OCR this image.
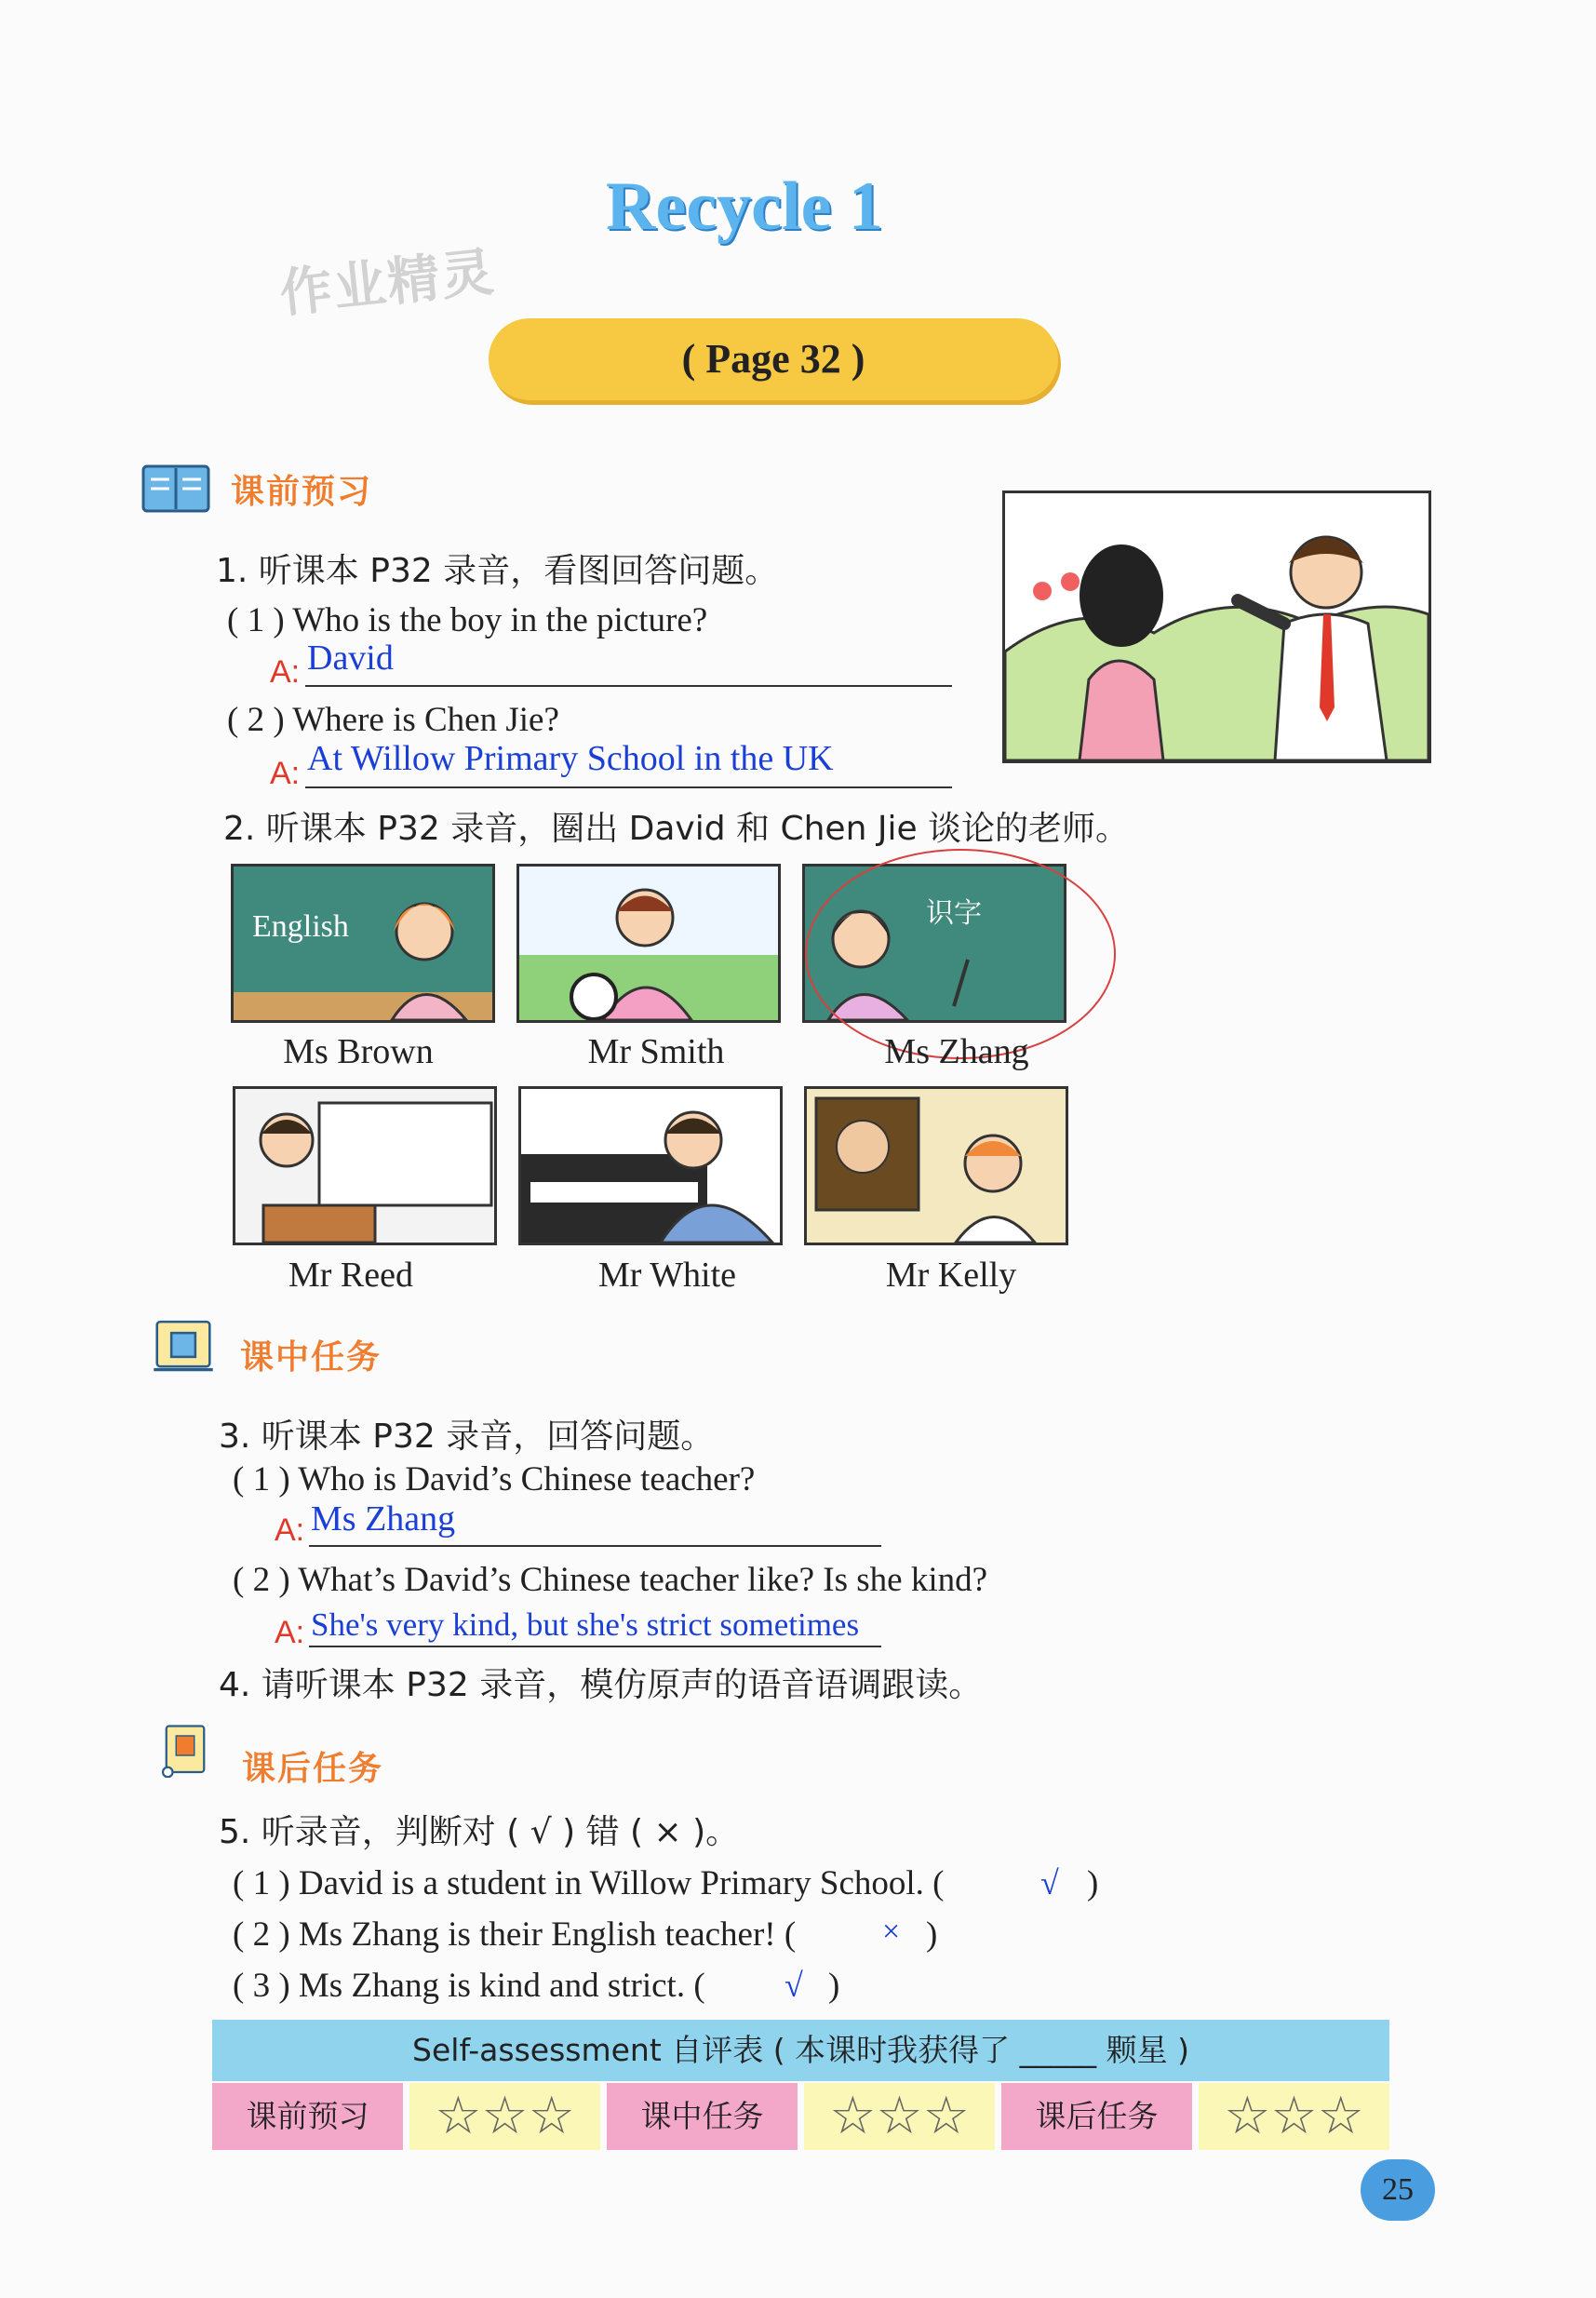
Recycle 1
作业精灵
( Page 32 )
课前预习
1. 听课本 P32 录音，看图回答问题。
( 1 ) Who is the boy in the picture?
A: David
( 2 ) Where is Chen Jie?
A: At Willow Primary School in the UK
2. 听课本 P32 录音，圈出 David 和 Chen Jie 谈论的老师。
English	识字
Ms Brown	Mr Smith	Ms Zhang
Mr Reed	Mr White	Mr Kelly
课中任务
3. 听课本 P32 录音，回答问题。
( 1 ) Who is David’s Chinese teacher?
A: Ms Zhang
( 2 ) What’s David’s Chinese teacher like? Is she kind?
A: She's very kind, but she's strict sometimes
4. 请听课本 P32 录音，模仿原声的语音语调跟读。
课后任务
5. 听录音，判断对 ( √ ) 错 ( × )。
( 1 ) David is a student in Willow Primary School. (	√ )
( 2 ) Ms Zhang is their English teacher! (	× )
( 3 ) Ms Zhang is kind and strict. ( √ )
Self-assessment 自评表 ( 本课时我获得了 _____ 颗星 )
课前预习	☆☆☆	课中任务	☆☆☆	课后任务	☆☆☆
25
